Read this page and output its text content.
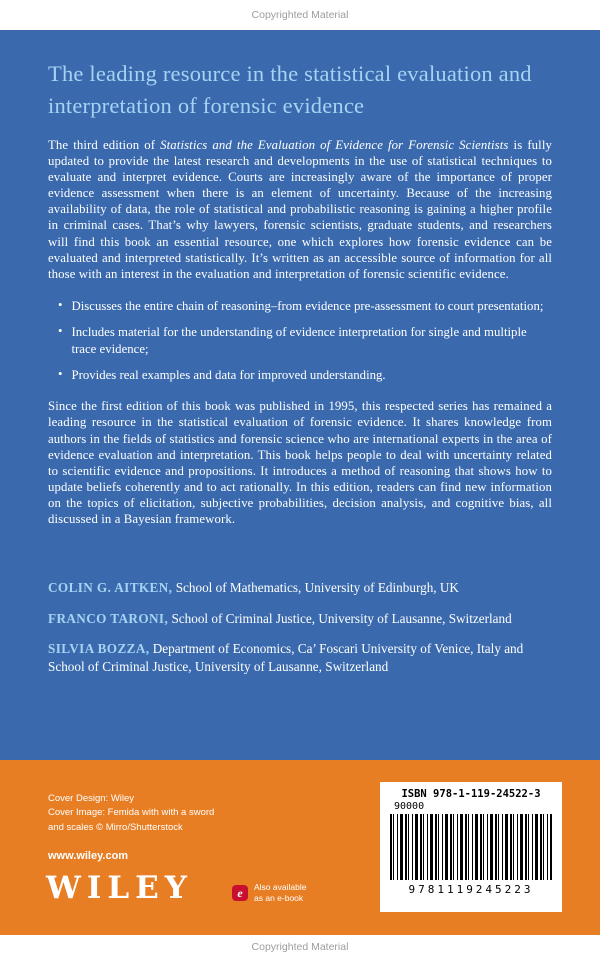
Copyrighted Material
The leading resource in the statistical evaluation and interpretation of forensic evidence

The third edition of Statistics and the Evaluation of Evidence for Forensic Scientists is fully updated to provide the latest research and developments in the use of statistical techniques to evaluate and interpret evidence. Courts are increasingly aware of the importance of proper evidence assessment when there is an element of uncertainty. Because of the increasing availability of data, the role of statistical and probabilistic reasoning is gaining a higher profile in criminal cases. That’s why lawyers, forensic scientists, graduate students, and researchers will find this book an essential resource, one which explores how forensic evidence can be evaluated and interpreted statistically. It’s written as an accessible source of information for all those with an interest in the evaluation and interpretation of forensic scientific evidence.

• Discusses the entire chain of reasoning–from evidence pre-assessment to court presentation;
• Includes material for the understanding of evidence interpretation for single and multiple trace evidence;
• Provides real examples and data for improved understanding.

Since the first edition of this book was published in 1995, this respected series has remained a leading resource in the statistical evaluation of forensic evidence. It shares knowledge from authors in the fields of statistics and forensic science who are international experts in the area of evidence evaluation and interpretation. This book helps people to deal with uncertainty related to scientific evidence and propositions. It introduces a method of reasoning that shows how to update beliefs coherently and to act rationally. In this edition, readers can find new information on the topics of elicitation, subjective probabilities, decision analysis, and cognitive bias, all discussed in a Bayesian framework.

COLIN G. AITKEN, School of Mathematics, University of Edinburgh, UK

FRANCO TARONI, School of Criminal Justice, University of Lausanne, Switzerland

SILVIA BOZZA, Department of Economics, Ca’ Foscari University of Venice, Italy and School of Criminal Justice, University of Lausanne, Switzerland

Cover Design: Wiley
Cover Image: Femida with with a sword
and scales © Mirro/Shutterstock
www.wiley.com
WILEY	e	Also available
as an e-book
ISBN 978-1-119-24522-3
90000
9781119245223
Copyrighted Material
